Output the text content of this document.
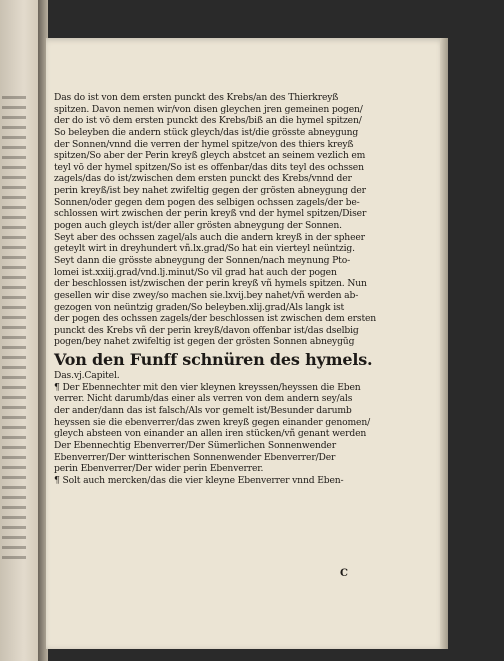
Das do ist von dem ersten punckt des Krebs/an des Thierkreyß
spitzen. Davon nemen wir/von disen gleychen jren gemeinen pogen/
der do ist vō dem ersten punckt des Krebs/biß an die hymel spitzen/
So beleyben die andern stück gleych/das ist/die grösste abneygung
der Sonnen/vnnd die verren der hymel spitze/von des thiers kreyß
spitzen/So aber der Perin kreyß gleych abstcet an seinem vezlich em
teyl vō der hymel spitzen/So ist es offenbar/das dits teyl des ochssen
zagels/das do ist/zwischen dem ersten punckt des Krebs/vnnd der
perin kreyß/ist bey nahet zwifeltig gegen der grösten abneygung der
Sonnen/oder gegen dem pogen des selbigen ochssen zagels/der be-
schlossen wirt zwischen der perin kreyß vnd der hymel spitzen/Diser
pogen auch gleych ist/der aller grösten abneygung der Sonnen.
Seyt aber des ochssen zagel/als auch die andern kreyß in der spheer
geteylt wirt in dreyhundert vñ.lx.grad/So hat ein vierteyl neüntzig.
Seyt dann die grösste abneygung der Sonnen/nach meynung Pto-
lomei ist.xxiij.grad/vnd.lj.minut/So vil grad hat auch der pogen
der beschlossen ist/zwischen der perin kreyß vñ hymels spitzen. Nun
gesellen wir dise zwey/so machen sie.lxvij.bey nahet/vñ werden ab-
gezogen von neüntzig graden/So beleyben.xlij.grad/Als langk ist
der pogen des ochssen zagels/der beschlossen ist zwischen dem ersten
punckt des Krebs vñ der perin kreyß/davon offenbar ist/das dselbig
pogen/bey nahet zwifeltig ist gegen der grösten Sonnen abneygūg
Von den Funff schnüren des hymels.
Das.vj.Capitel.
¶ Der Ebennechter mit den vier kleynen kreyssen/heyssen die Eben
verrer. Nicht darumb/das einer als verren von dem andern sey/als
der ander/dann das ist falsch/Als vor gemelt ist/Besunder darumb
heyssen sie die ebenverrer/das zwen kreyß gegen einander genomen/
gleych absteen von einander an allen iren stücken/vñ genant werden
Der Ebennechtig Ebenverrer/Der Sümerlichen Sonnenwender
Ebenverrer/Der wintterischen Sonnenwender Ebenverrer/Der
perin Ebenverrer/Der wider perin Ebenverrer.
¶ Solt auch mercken/das die vier kleyne Ebenverrer vnnd Eben-
C
